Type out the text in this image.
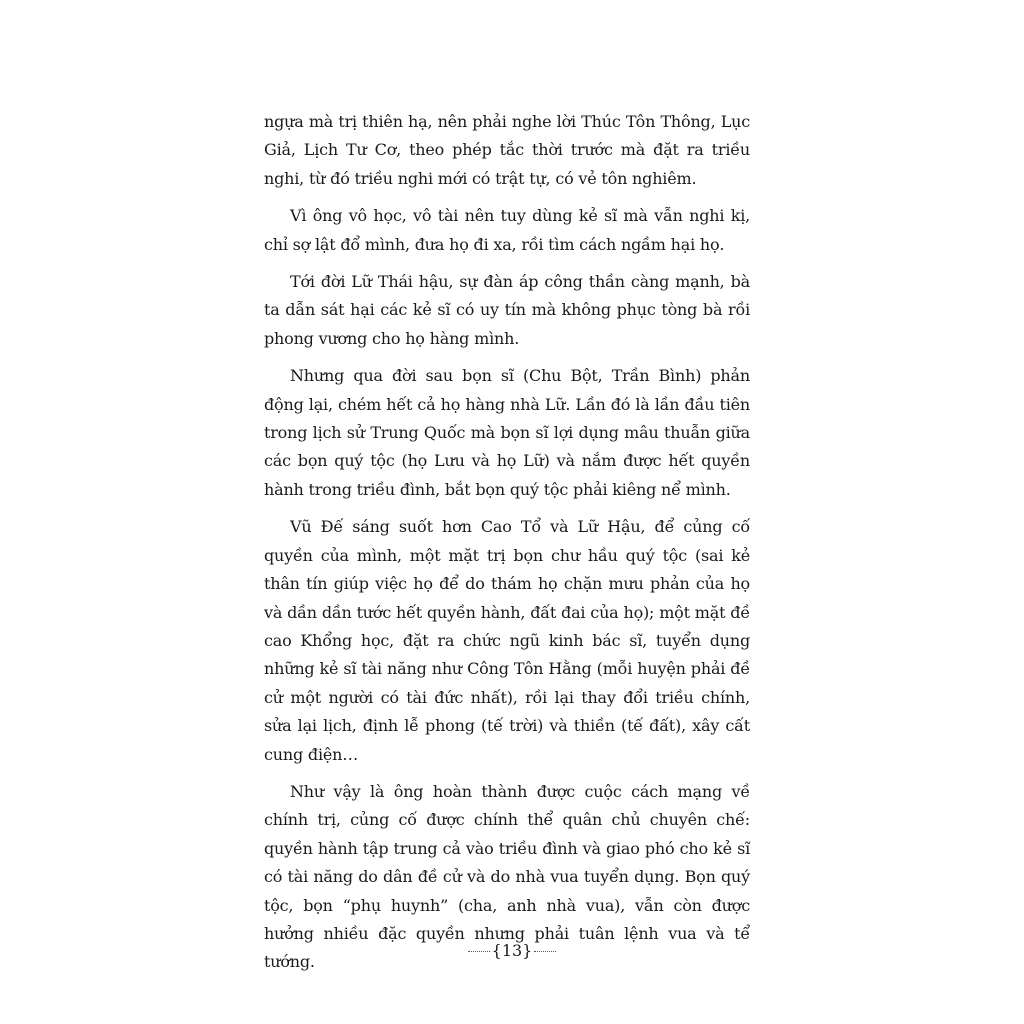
ngựa mà trị thiên hạ, nên phải nghe lời Thúc Tôn Thông, Lục Giả, Lịch Tư Cơ, theo phép tắc thời trước mà đặt ra triều nghi, từ đó triều nghi mới có trật tự, có vẻ tôn nghiêm.

Vì ông vô học, vô tài nên tuy dùng kẻ sĩ mà vẫn nghi kị, chỉ sợ lật đổ mình, đưa họ đi xa, rồi tìm cách ngầm hại họ.

Tới đời Lữ Thái hậu, sự đàn áp công thần càng mạnh, bà ta dẫn sát hại các kẻ sĩ có uy tín mà không phục tòng bà rồi phong vương cho họ hàng mình.

Nhưng qua đời sau bọn sĩ (Chu Bột, Trần Bình) phản động lại, chém hết cả họ hàng nhà Lữ. Lần đó là lần đầu tiên trong lịch sử Trung Quốc mà bọn sĩ lợi dụng mâu thuẫn giữa các bọn quý tộc (họ Lưu và họ Lữ) và nắm được hết quyền hành trong triều đình, bắt bọn quý tộc phải kiêng nể mình.

Vũ Đế sáng suốt hơn Cao Tổ và Lữ Hậu, để củng cố quyền của mình, một mặt trị bọn chư hầu quý tộc (sai kẻ thân tín giúp việc họ để do thám họ chặn mưu phản của họ và dần dần tước hết quyền hành, đất đai của họ); một mặt đề cao Khổng học, đặt ra chức ngũ kinh bác sĩ, tuyển dụng những kẻ sĩ tài năng như Công Tôn Hằng (mỗi huyện phải đề cử một người có tài đức nhất), rồi lại thay đổi triều chính, sửa lại lịch, định lễ phong (tế trời) và thiền (tế đất), xây cất cung điện…

Như vậy là ông hoàn thành được cuộc cách mạng về chính trị, củng cố được chính thể quân chủ chuyên chế: quyền hành tập trung cả vào triều đình và giao phó cho kẻ sĩ có tài năng do dân đề cử và do nhà vua tuyển dụng. Bọn quý tộc, bọn “phụ huynh” (cha, anh nhà vua), vẫn còn được hưởng nhiều đặc quyền nhưng phải tuân lệnh vua và tể tướng.

{13}
